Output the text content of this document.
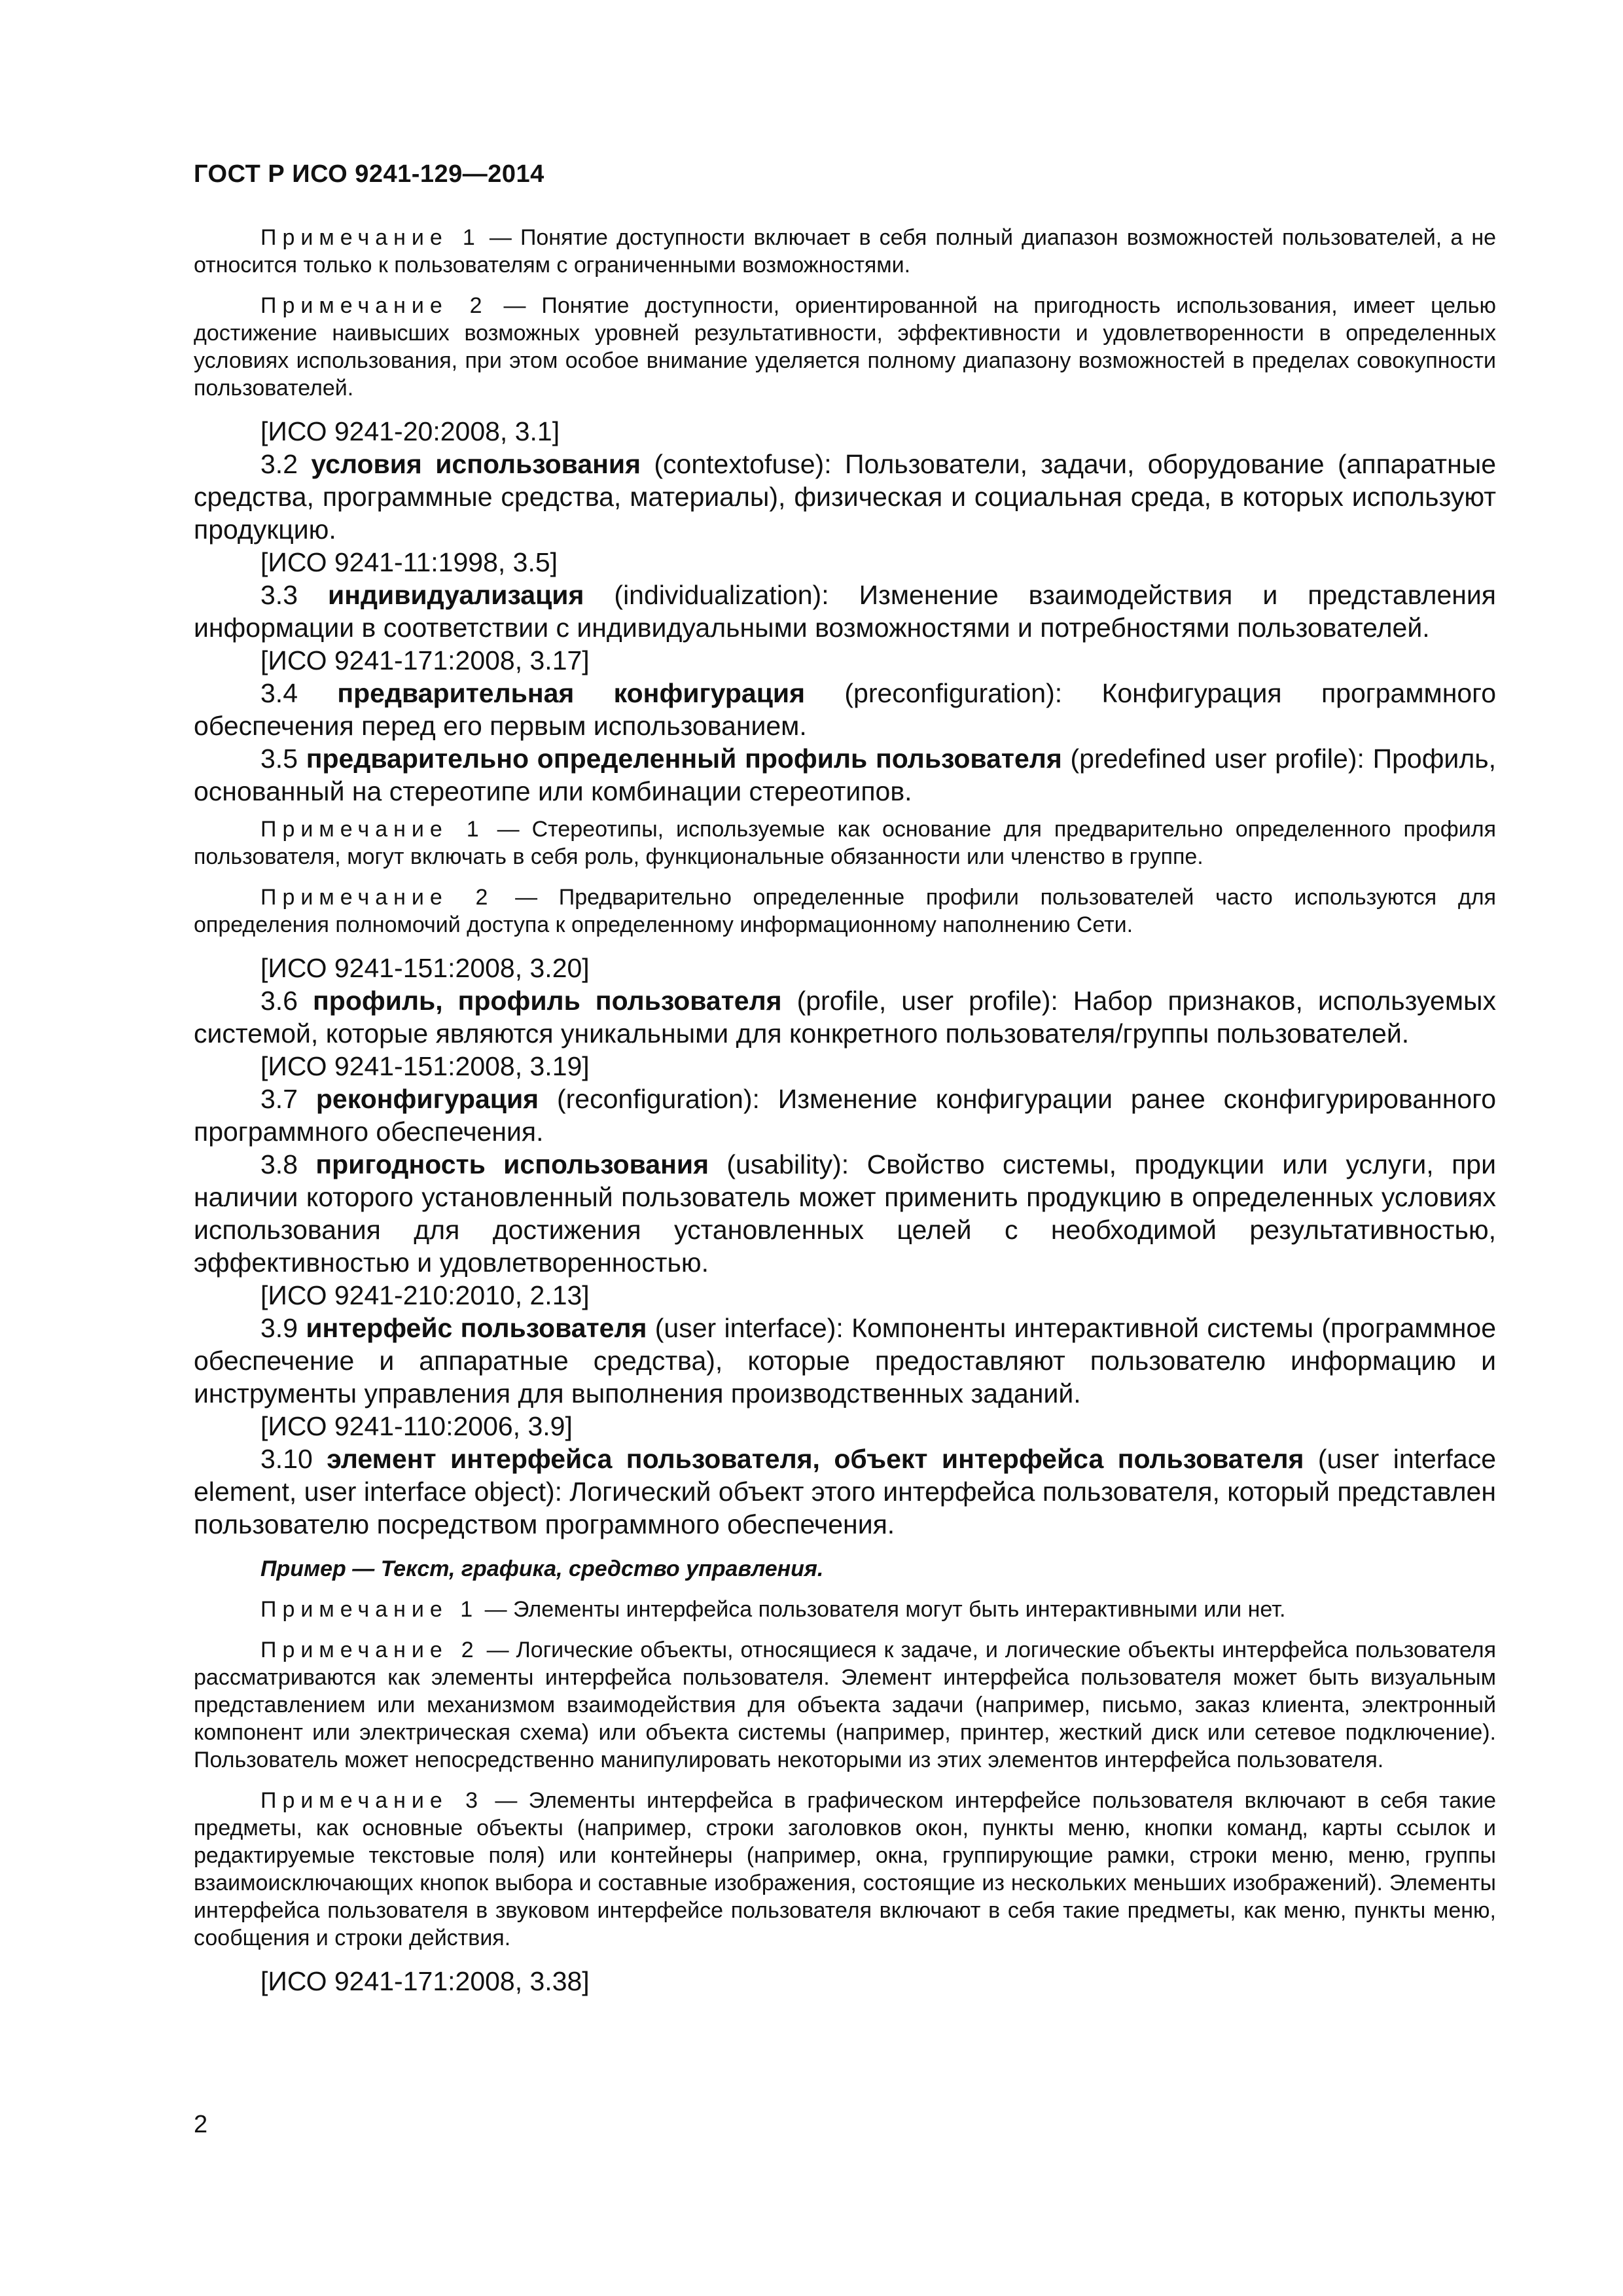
ГОСТ Р ИСО 9241-129—2014

Примечание 1 — Понятие доступности включает в себя полный диапазон возможностей пользователей, а не относится только к пользователям с ограниченными возможностями.

Примечание 2 — Понятие доступности, ориентированной на пригодность использования, имеет целью достижение наивысших возможных уровней результативности, эффективности и удовлетворенности в определенных условиях использования, при этом особое внимание уделяется полному диапазону возможностей в пределах совокупности пользователей.

[ИСО 9241-20:2008, 3.1]

3.2 условия использования (contextofuse): Пользователи, задачи, оборудование (аппаратные средства, программные средства, материалы), физическая и социальная среда, в которых используют продукцию.

[ИСО 9241-11:1998, 3.5]

3.3 индивидуализация (individualization): Изменение взаимодействия и представления информации в соответствии с индивидуальными возможностями и потребностями пользователей.

[ИСО 9241-171:2008, 3.17]

3.4 предварительная конфигурация (preconfiguration): Конфигурация программного обеспечения перед его первым использованием.

3.5 предварительно определенный профиль пользователя (predefined user profile): Профиль, основанный на стереотипе или комбинации стереотипов.

Примечание 1 — Стереотипы, используемые как основание для предварительно определенного профиля пользователя, могут включать в себя роль, функциональные обязанности или членство в группе.

Примечание 2 — Предварительно определенные профили пользователей часто используются для определения полномочий доступа к определенному информационному наполнению Сети.

[ИСО 9241-151:2008, 3.20]

3.6 профиль, профиль пользователя (profile, user profile): Набор признаков, используемых системой, которые являются уникальными для конкретного пользователя/группы пользователей.

[ИСО 9241-151:2008, 3.19]

3.7 реконфигурация (reconfiguration): Изменение конфигурации ранее сконфигурированного программного обеспечения.

3.8 пригодность использования (usability): Свойство системы, продукции или услуги, при наличии которого установленный пользователь может применить продукцию в определенных условиях использования для достижения установленных целей с необходимой результативностью, эффективностью и удовлетворенностью.

[ИСО 9241-210:2010, 2.13]

3.9 интерфейс пользователя (user interface): Компоненты интерактивной системы (программное обеспечение и аппаратные средства), которые предоставляют пользователю информацию и инструменты управления для выполнения производственных заданий.

[ИСО 9241-110:2006, 3.9]

3.10 элемент интерфейса пользователя, объект интерфейса пользователя (user interface element, user interface object): Логический объект этого интерфейса пользователя, который представлен пользователю посредством программного обеспечения.

Пример — Текст, графика, средство управления.

Примечание 1 — Элементы интерфейса пользователя могут быть интерактивными или нет.

Примечание 2 — Логические объекты, относящиеся к задаче, и логические объекты интерфейса пользователя рассматриваются как элементы интерфейса пользователя. Элемент интерфейса пользователя может быть визуальным представлением или механизмом взаимодействия для объекта задачи (например, письмо, заказ клиента, электронный компонент или электрическая схема) или объекта системы (например, принтер, жесткий диск или сетевое подключение). Пользователь может непосредственно манипулировать некоторыми из этих элементов интерфейса пользователя.

Примечание 3 — Элементы интерфейса в графическом интерфейсе пользователя включают в себя такие предметы, как основные объекты (например, строки заголовков окон, пункты меню, кнопки команд, карты ссылок и редактируемые текстовые поля) или контейнеры (например, окна, группирующие рамки, строки меню, меню, группы взаимоисключающих кнопок выбора и составные изображения, состоящие из нескольких меньших изображений). Элементы интерфейса пользователя в звуковом интерфейсе пользователя включают в себя такие предметы, как меню, пункты меню, сообщения и строки действия.

[ИСО 9241-171:2008, 3.38]

2
